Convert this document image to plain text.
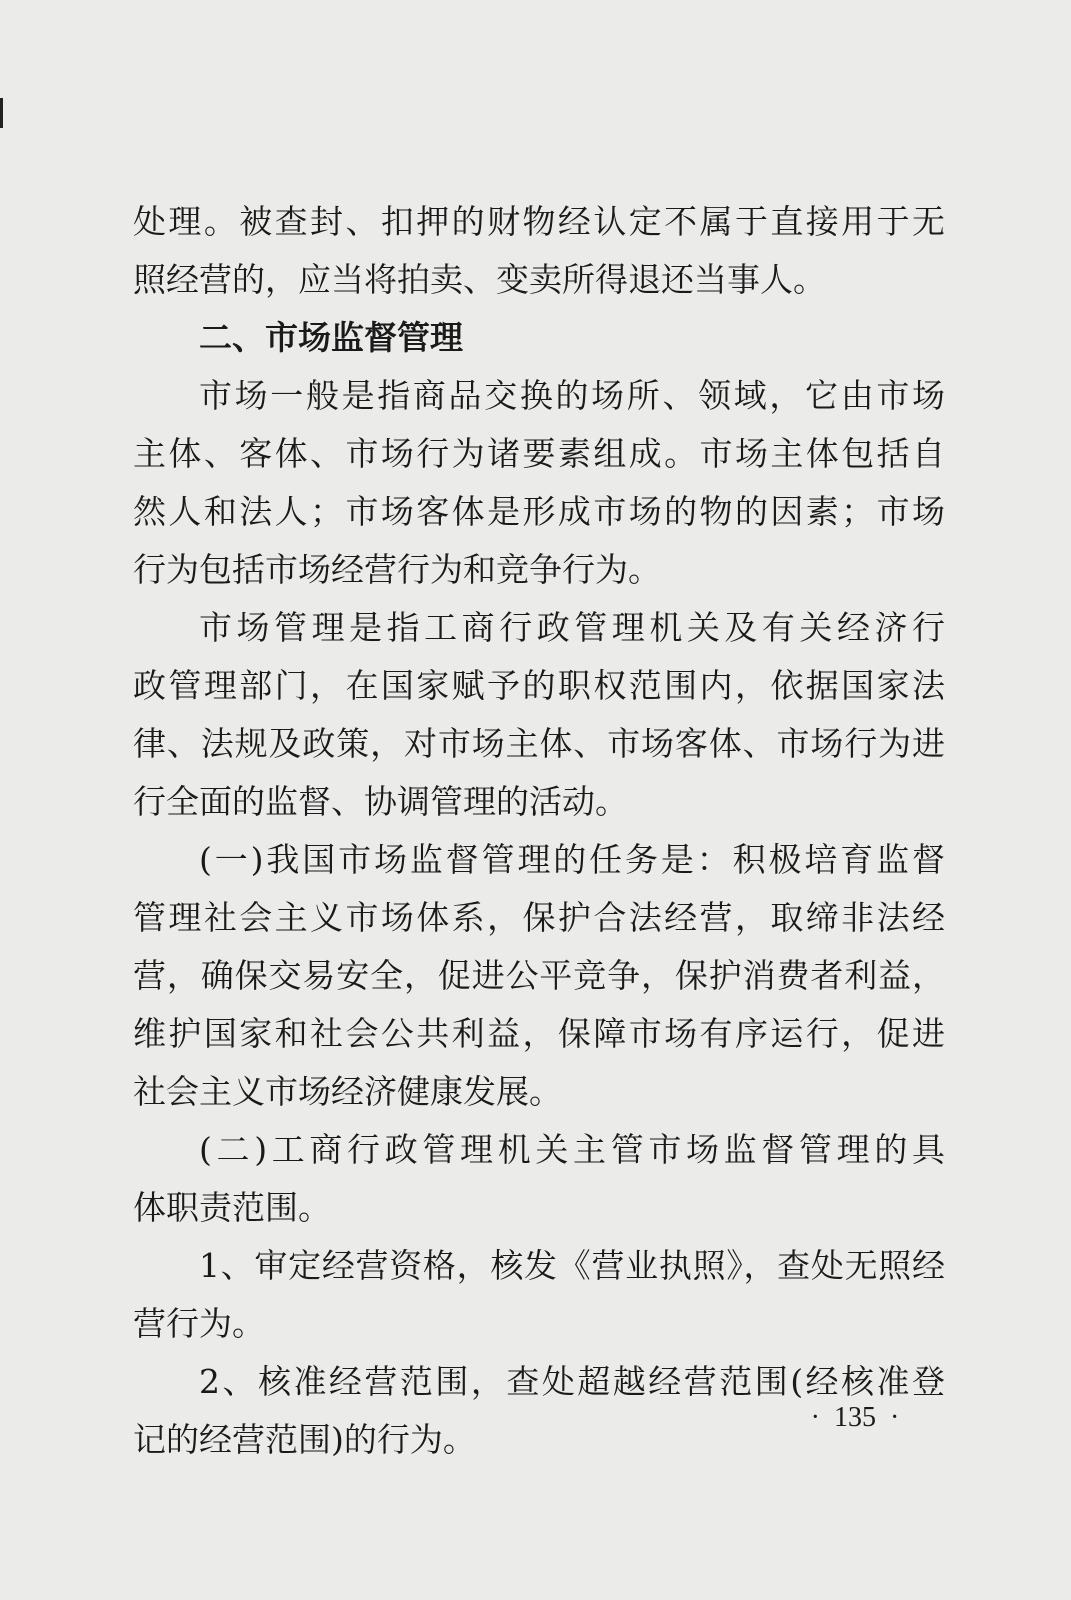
处理。被查封、扣押的财物经认定不属于直接用于无
照经营的，应当将拍卖、变卖所得退还当事人。
二、市场监督管理
市场一般是指商品交换的场所、领域，它由市场
主体、客体、市场行为诸要素组成。市场主体包括自
然人和法人；市场客体是形成市场的物的因素；市场
行为包括市场经营行为和竞争行为。
市场管理是指工商行政管理机关及有关经济行
政管理部门，在国家赋予的职权范围内，依据国家法
律、法规及政策，对市场主体、市场客体、市场行为进
行全面的监督、协调管理的活动。
(一)我国市场监督管理的任务是：积极培育监督
管理社会主义市场体系，保护合法经营，取缔非法经
营，确保交易安全，促进公平竞争，保护消费者利益，
维护国家和社会公共利益，保障市场有序运行，促进
社会主义市场经济健康发展。
(二)工商行政管理机关主管市场监督管理的具
体职责范围。
1、审定经营资格，核发《营业执照》，查处无照经
营行为。
2、核准经营范围，查处超越经营范围(经核准登
记的经营范围)的行为。
· 135 ·
